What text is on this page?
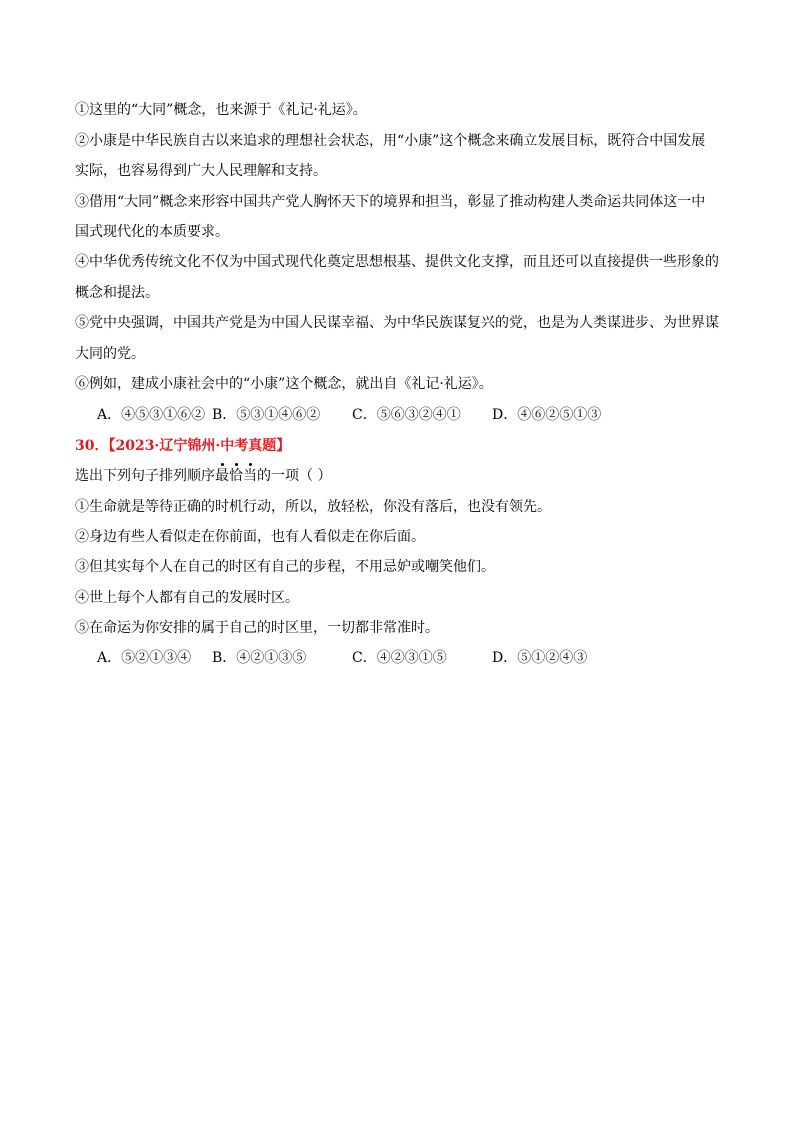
①这里的“大同”概念，也来源于《礼记·礼运》。
②小康是中华民族自古以来追求的理想社会状态，用“小康”这个概念来确立发展目标，既符合中国发展
实际，也容易得到广大人民理解和支持。
③借用“大同”概念来形容中国共产党人胸怀天下的境界和担当，彰显了推动构建人类命运共同体这一中
国式现代化的本质要求。
④中华优秀传统文化不仅为中国式现代化奠定思想根基、提供文化支撑，而且还可以直接提供一些形象的
概念和提法。
⑤党中央强调，中国共产党是为中国人民谋幸福、为中华民族谋复兴的党，也是为人类谋进步、为世界谋
大同的党。
⑥例如，建成小康社会中的“小康”这个概念，就出自《礼记·礼运》。
A．④⑤③①⑥② B．⑤③①④⑥② C．⑤⑥③②④① D．④⑥②⑤①③
30．【2023·辽宁锦州·中考真题】
选出下列句子排列顺序最恰当的一项（ ）
①生命就是等待正确的时机行动，所以，放轻松，你没有落后，也没有领先。
②身边有些人看似走在你前面，也有人看似走在你后面。
③但其实每个人在自己的时区有自己的步程，不用忌妒或嘲笑他们。
④世上每个人都有自己的发展时区。
⑤在命运为你安排的属于自己的时区里，一切都非常准时。
A．⑤②①③④ B．④②①③⑤	C．④②③①⑤	D．⑤①②④③
